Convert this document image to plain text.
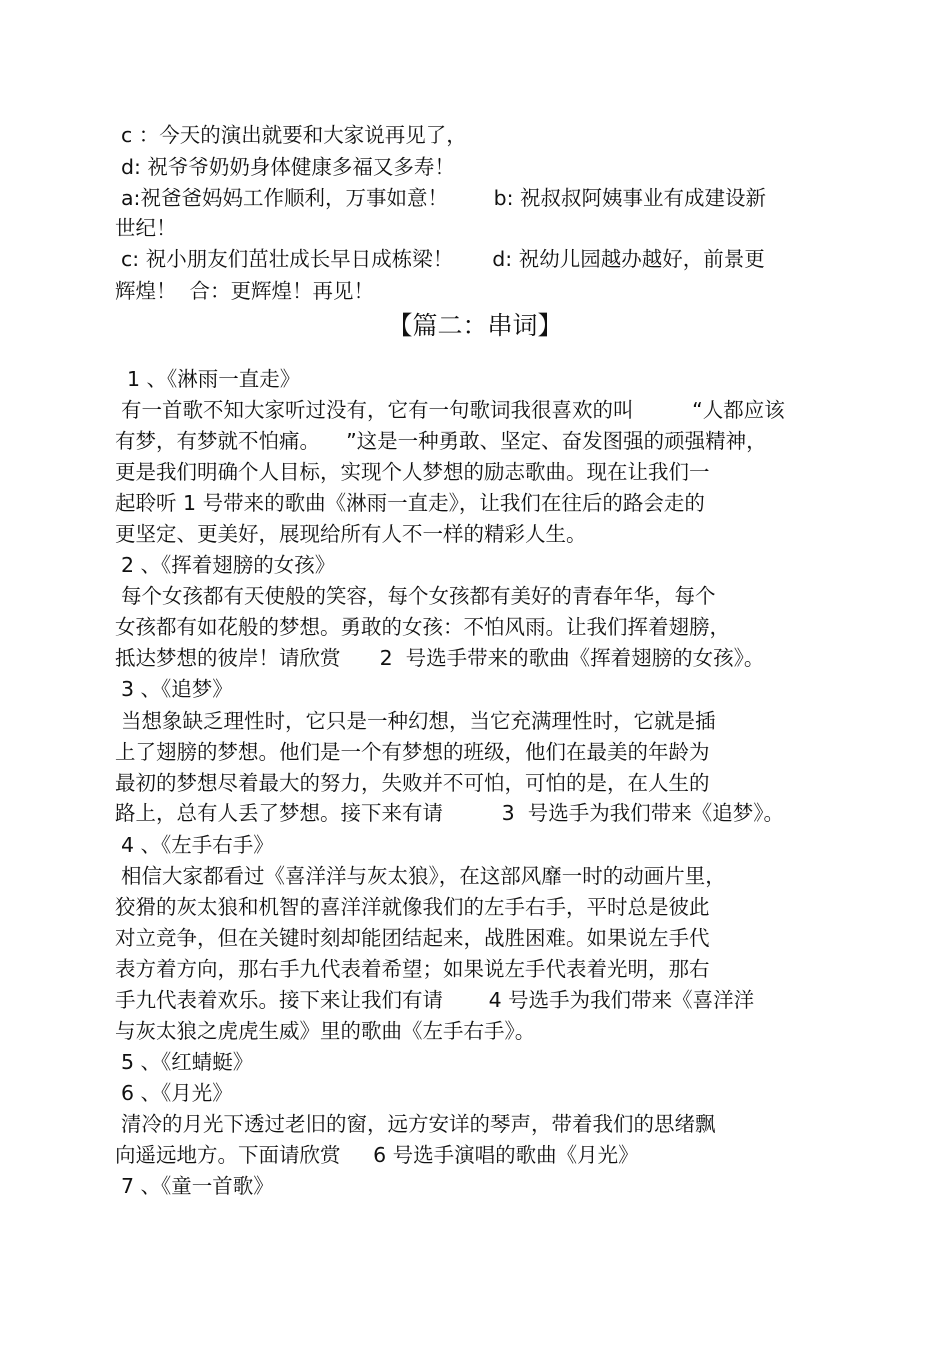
c ：今天的演出就要和大家说再见了，

d: 祝爷爷奶奶身体健康多福又多寿！

a:祝爸爸妈妈工作顺利，万事如意！       b: 祝叔叔阿姨事业有成建设新

世纪！

c: 祝小朋友们茁壮成长早日成栋梁！      d: 祝幼儿园越办越好，前景更

辉煌！  合：更辉煌！再见！

【篇二：串词】

1 、《淋雨一直走》

有一首歌不知大家听过没有，它有一句歌词我很喜欢的叫         “人都应该

有梦，有梦就不怕痛。    ”这是一种勇敢、坚定、奋发图强的顽强精神，

更是我们明确个人目标，实现个人梦想的励志歌曲。现在让我们一

起聆听 1 号带来的歌曲《淋雨一直走》，让我们在往后的路会走的

更坚定、更美好，展现给所有人不一样的精彩人生。

2 、《挥着翅膀的女孩》

每个女孩都有天使般的笑容，每个女孩都有美好的青春年华，每个

女孩都有如花般的梦想。勇敢的女孩：不怕风雨。让我们挥着翅膀，

抵达梦想的彼岸！请欣赏      2  号选手带来的歌曲《挥着翅膀的女孩》。

3 、《追梦》

当想象缺乏理性时，它只是一种幻想，当它充满理性时，它就是插

上了翅膀的梦想。他们是一个有梦想的班级，他们在最美的年龄为

最初的梦想尽着最大的努力，失败并不可怕，可怕的是，在人生的

路上，总有人丢了梦想。接下来有请         3  号选手为我们带来《追梦》。

4 、《左手右手》

相信大家都看过《喜洋洋与灰太狼》，在这部风靡一时的动画片里，

狡猾的灰太狼和机智的喜洋洋就像我们的左手右手，平时总是彼此

对立竞争，但在关键时刻却能团结起来，战胜困难。如果说左手代

表方着方向，那右手九代表着希望；如果说左手代表着光明，那右

手九代表着欢乐。接下来让我们有请       4 号选手为我们带来《喜洋洋

与灰太狼之虎虎生威》里的歌曲《左手右手》。

5 、《红蜻蜓》

6 、《月光》

清冷的月光下透过老旧的窗，远方安详的琴声，带着我们的思绪飘

向遥远地方。下面请欣赏     6 号选手演唱的歌曲《月光》

7 、《童一首歌》
